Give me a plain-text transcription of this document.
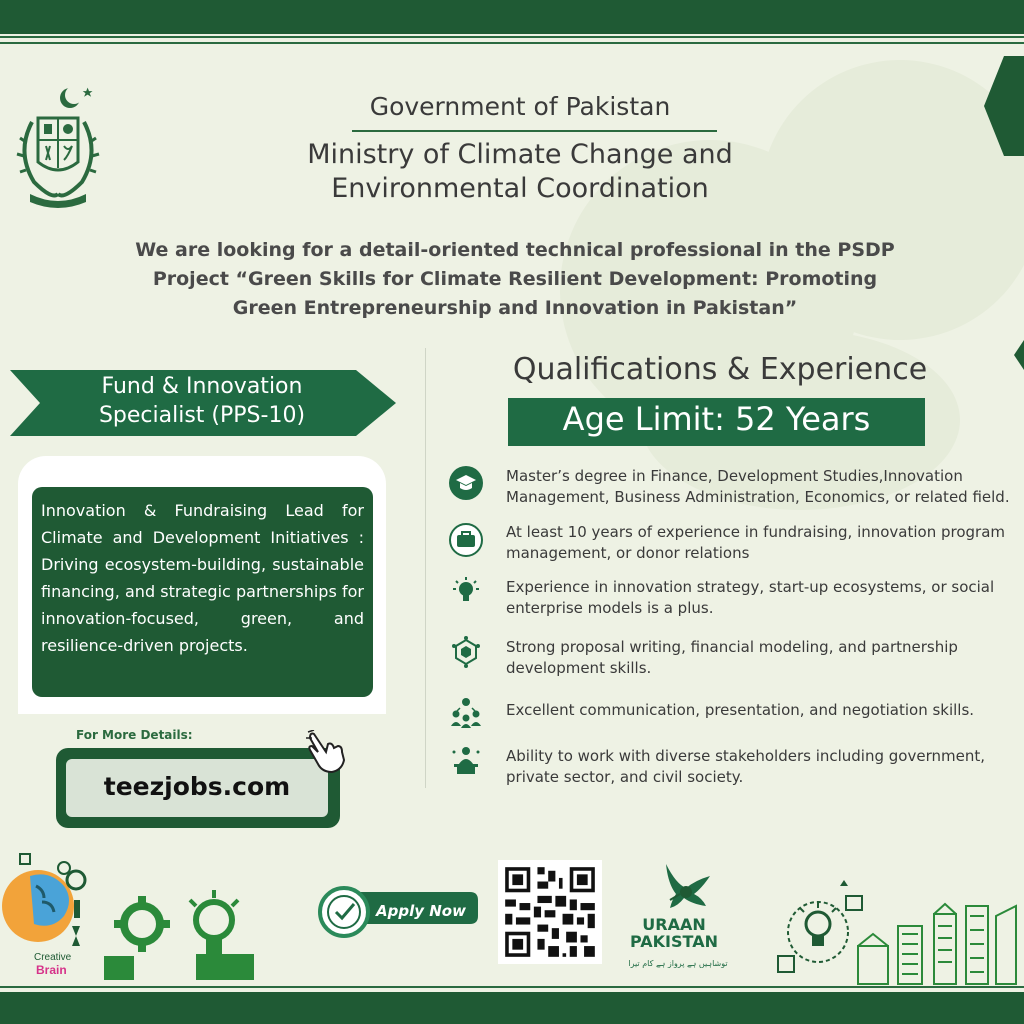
Government of Pakistan
Ministry of Climate Change and
Environmental Coordination
We are looking for a detail-oriented technical professional in the PSDP
Project “Green Skills for Climate Resilient Development: Promoting
Green Entrepreneurship and Innovation in Pakistan”
Fund & Innovation
Specialist (PPS-10)
Innovation & Fundraising Lead for Climate and Development Initiatives : Driving ecosystem-building, sustainable financing, and strategic partnerships for innovation-focused, green, and resilience-driven projects.
For More Details:
teezjobs.com
Qualifications & Experience
Age Limit: 52 Years
Master’s degree in Finance, Development Studies,Innovation
Management, Business Administration, Economics, or related field.
At least 10 years of experience in fundraising, innovation program
management, or donor relations
Experience in innovation strategy, start-up ecosystems, or social
enterprise models is a plus.
Strong proposal writing, financial modeling, and partnership
development skills.
Excellent communication, presentation, and negotiation skills.
Ability to work with diverse stakeholders including government,
private sector, and civil society.
Creative
Brain
Apply Now
توشاہیں ہے پرواز ہے کام تیرا
URAAN
PAKISTAN
